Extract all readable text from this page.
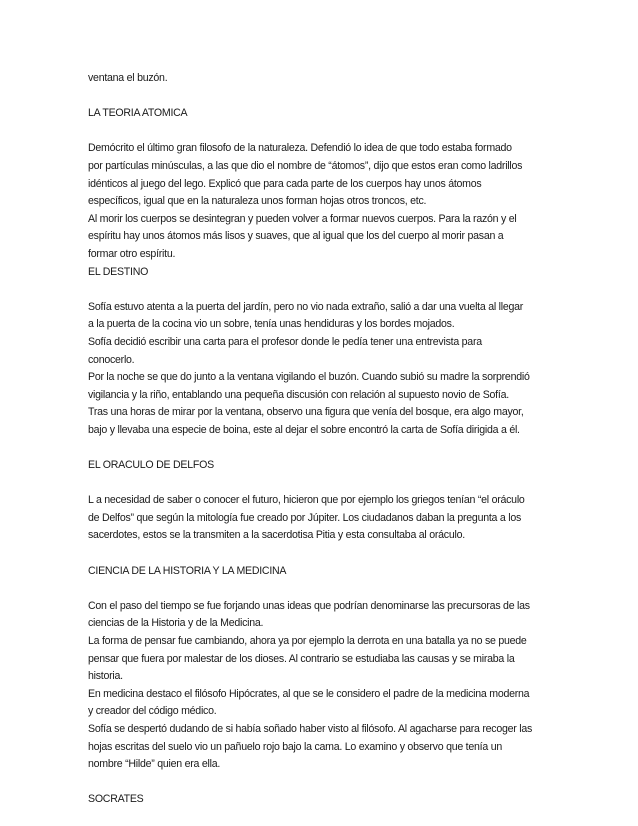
ventana el buzón.
LA TEORIA ATOMICA
Demócrito el último gran filosofo de la naturaleza. Defendió lo idea de que todo estaba formado
por partículas minúsculas, a las que dio el nombre de “átomos”, dijo que estos eran como ladrillos
idénticos al juego del lego. Explicó que para cada parte de los cuerpos hay unos átomos
específicos, igual que en la naturaleza unos forman hojas otros troncos, etc.
Al morir los cuerpos se desintegran y pueden volver a formar nuevos cuerpos. Para la razón y el
espíritu hay unos átomos más lisos y suaves, que al igual que los del cuerpo al morir pasan a
formar otro espíritu.
EL DESTINO
Sofía estuvo atenta a la puerta del jardín, pero no vio nada extraño, salió a dar una vuelta al llegar
a la puerta de la cocina vio un sobre, tenía unas hendiduras y los bordes mojados.
Sofía decidió escribir una carta para el profesor donde le pedía tener una entrevista para
conocerlo.
Por la noche se que do junto a la ventana vigilando el buzón. Cuando subió su madre la sorprendió
vigilancia y la riño, entablando una pequeña discusión con relación al supuesto novio de Sofía.
Tras una horas de mirar por la ventana, observo una figura que venía del bosque, era algo mayor,
bajo y llevaba una especie de boina, este al dejar el sobre encontró la carta de Sofía dirigida a él.
EL ORACULO DE DELFOS
L a necesidad de saber o conocer el futuro, hicieron que por ejemplo los griegos tenían “el oráculo
de Delfos” que según la mitología fue creado por Júpiter. Los ciudadanos daban la pregunta a los
sacerdotes, estos se la transmiten a la sacerdotisa Pitia y esta consultaba al oráculo.
CIENCIA DE LA HISTORIA Y LA MEDICINA
Con el paso del tiempo se fue forjando unas ideas que podrían denominarse las precursoras de las
ciencias de la Historia y de la Medicina.
La forma de pensar fue cambiando, ahora ya por ejemplo la derrota en una batalla ya no se puede
pensar que fuera por malestar de los dioses. Al contrario se estudiaba las causas y se miraba la
historia.
En medicina destaco el filósofo Hipócrates, al que se le considero el padre de la medicina moderna
y creador del código médico.
Sofía se despertó dudando de si había soñado haber visto al filósofo. Al agacharse para recoger las
hojas escritas del suelo vio un pañuelo rojo bajo la cama. Lo examino y observo que tenía un
nombre “Hilde” quien era ella.
SOCRATES
